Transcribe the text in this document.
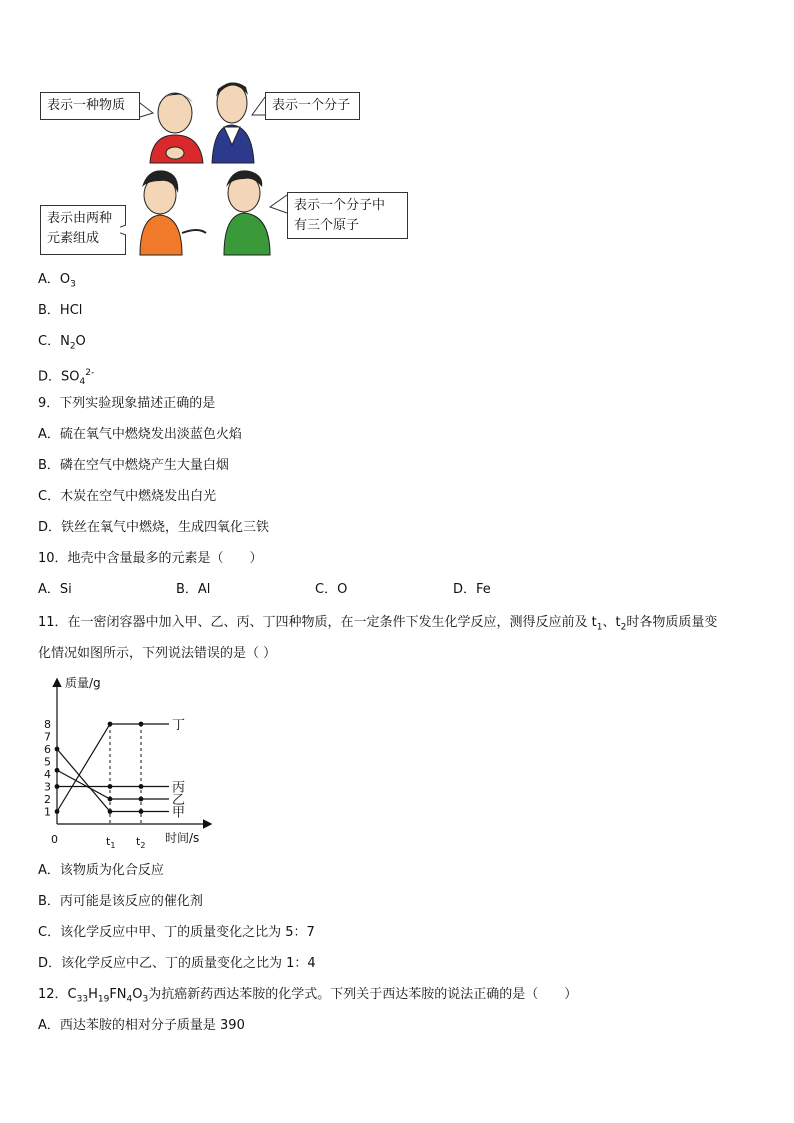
表示一种物质	表示一个分子
表示由两种
元素组成
表示一个分子中
有三个原子
A．$O_3$
B．HCl
C．$N_2O$
D．$SO_4^{2-}$
9．下列实验现象描述正确的是
A．硫在氧气中燃烧发出淡蓝色火焰
B．磷在空气中燃烧产生大量白烟
C．木炭在空气中燃烧发出白光
D．铁丝在氧气中燃烧，生成四氧化三铁
10．地壳中含量最多的元素是（　　）
A．Si	B．Al	C．O	D．Fe
11．在一密闭容器中加入甲、乙、丙、丁四种物质，在一定条件下发生化学反应，测得反应前及 $t_1$、$t_2$时各物质质量变
化情况如图所示，下列说法错误的是（ ）
质量/g
时间/s
0
1
2
3
4
5
6
7
8
$t_1$ $t_2$
丁
丙
乙
甲
A．该物质为化合反应
B．丙可能是该反应的催化剂
C．该化学反应中甲、丁的质量变化之比为 5：7
D．该化学反应中乙、丁的质量变化之比为 1：4
12．$C_{33}H_{19}FN_4O_3$为抗癌新药西达苯胺的化学式。下列关于西达苯胺的说法正确的是（　　）
A．西达苯胺的相对分子质量是 390
